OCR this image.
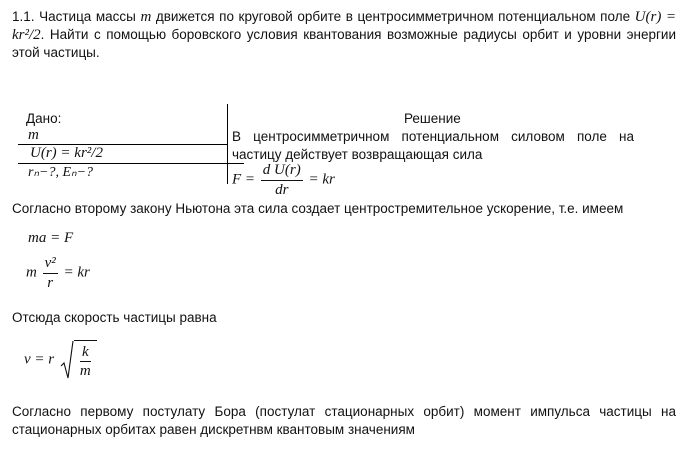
1.1. Частица массы m движется по круговой орбите в центросимметричном потенциальном поле U(r) = kr²/2. Найти с помощью боровского условия квантования возможные радиусы орбит и уровни энергии этой частицы.
Дано:
m
U(r) = kr²/2
rₙ−?, Eₙ−?
Решение
В центросимметричном потенциальном силовом поле на частицу действует возвращающая сила
$F = \frac{\text{d U(r)}}{dr}$ = kr
Согласно второму закону Ньютона эта сила создает центростремительное ускорение, т.е. имеем
ma = F
m $\frac{\text{v²}}{r}$ = kr
Отсюда скорость частицы равна
v = r $\frac{k}{m}$
Согласно первому постулату Бора (постулат стационарных орбит) момент импульса частицы на стационарных орбитах равен дискретнвм квантовым значениям
